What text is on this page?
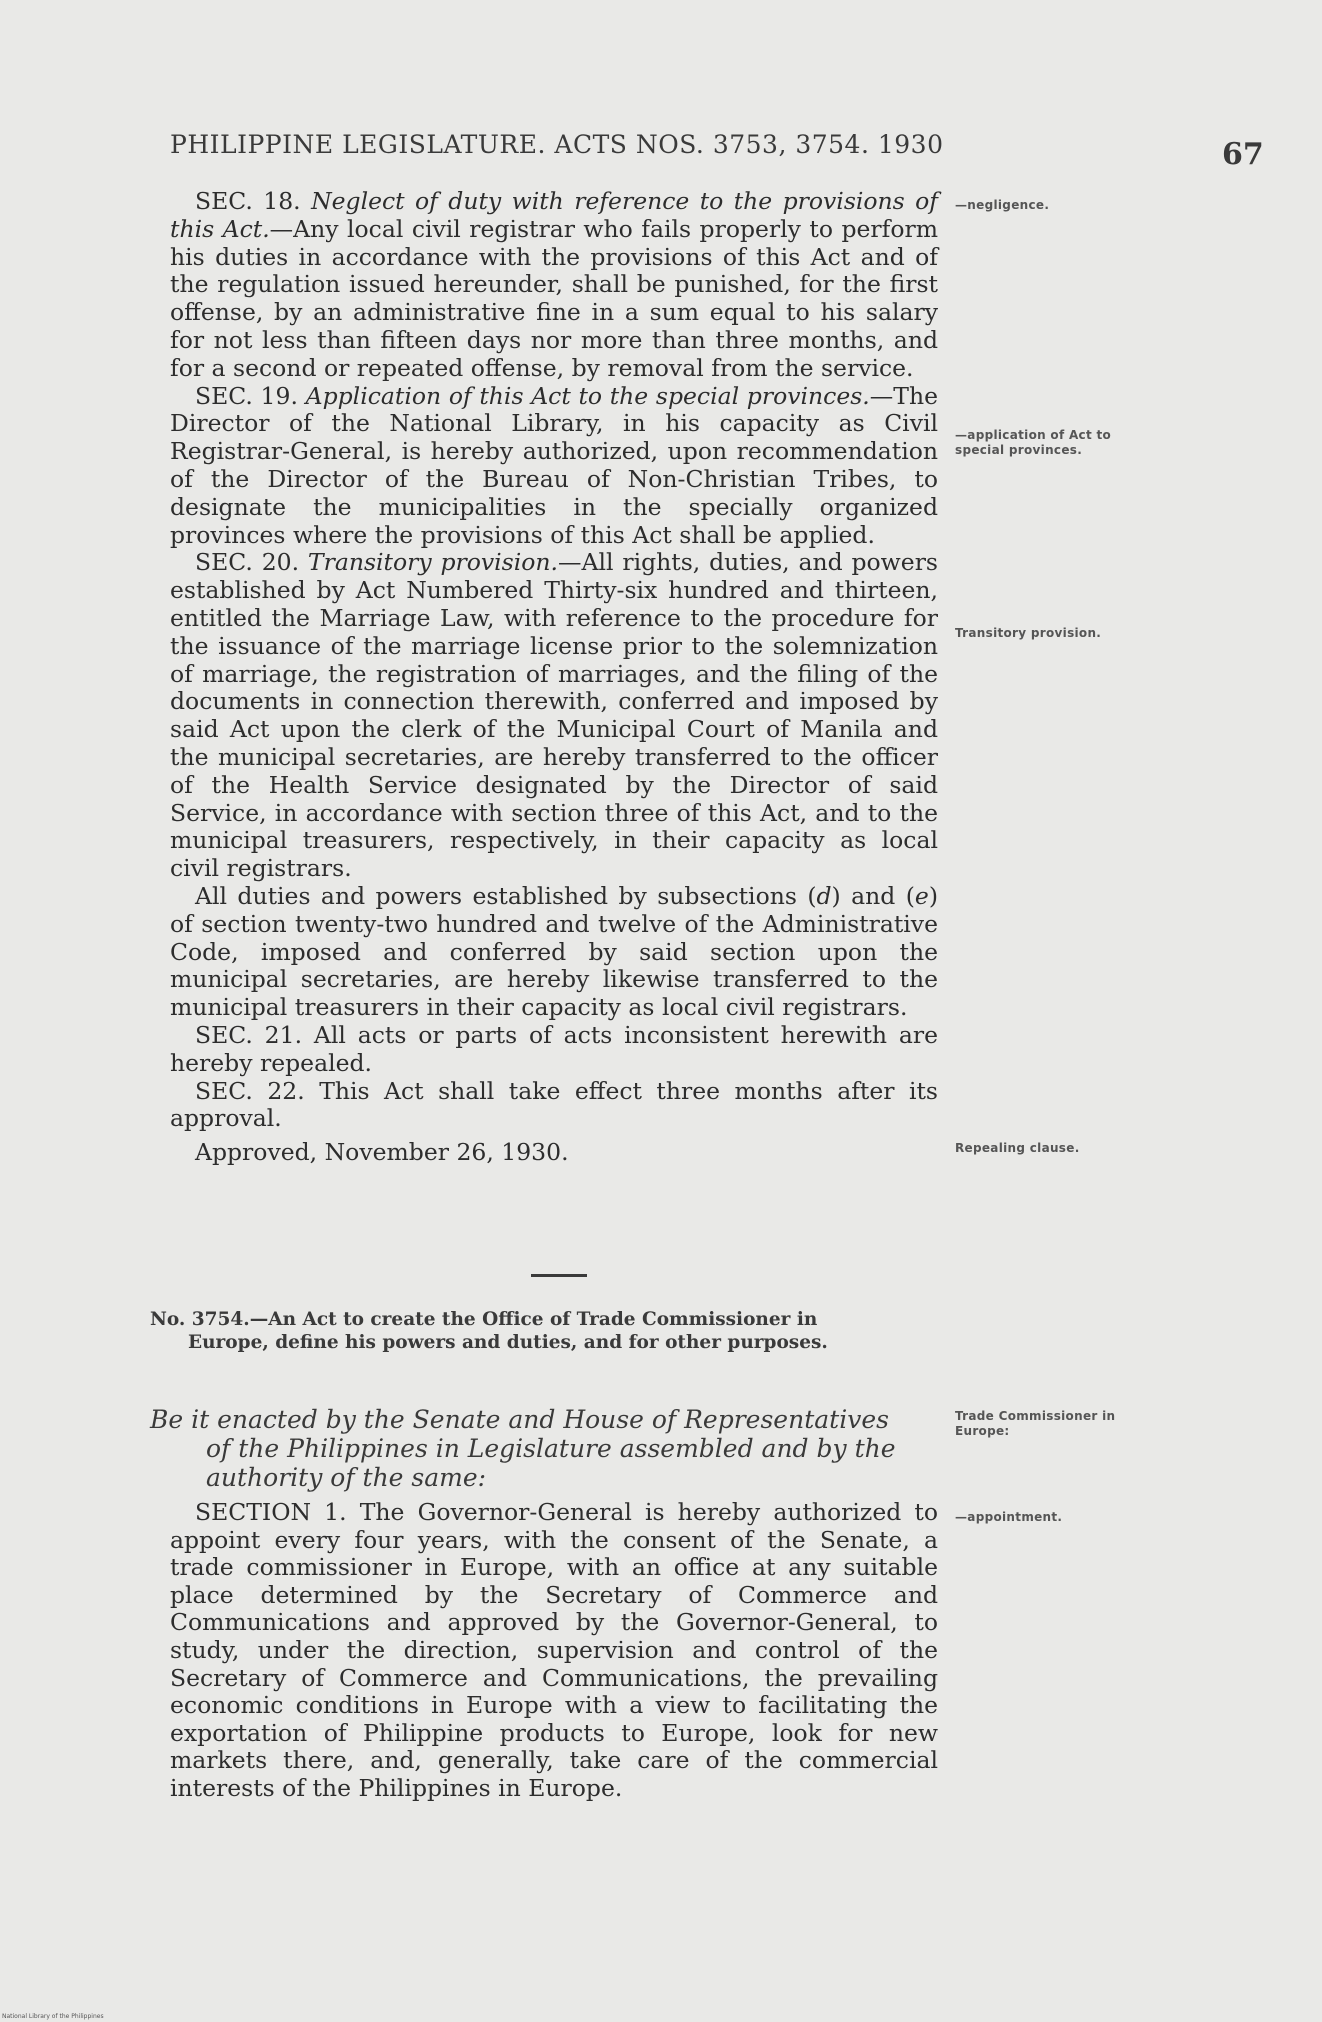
PHILIPPINE LEGISLATURE. ACTS NOS. 3753, 3754. 1930	67

SEC. 18. Neglect of duty with reference to the provisions of this Act.—Any local civil registrar who fails properly to perform his duties in accordance with the provisions of this Act and of the regulation issued hereunder, shall be punished, for the first offense, by an administrative fine in a sum equal to his salary for not less than fifteen days nor more than three months, and for a second or repeated offense, by removal from the service.

SEC. 19. Application of this Act to the special provinces.—The Director of the National Library, in his capacity as Civil Registrar-General, is hereby authorized, upon recommendation of the Director of the Bureau of Non-Christian Tribes, to designate the municipalities in the specially organized provinces where the provisions of this Act shall be applied.

SEC. 20. Transitory provision.—All rights, duties, and powers established by Act Numbered Thirty-six hundred and thirteen, entitled the Marriage Law, with reference to the procedure for the issuance of the marriage license prior to the solemnization of marriage, the registration of marriages, and the filing of the documents in connection therewith, conferred and imposed by said Act upon the clerk of the Municipal Court of Manila and the municipal secretaries, are hereby transferred to the officer of the Health Service designated by the Director of said Service, in accordance with section three of this Act, and to the municipal treasurers, respectively, in their capacity as local civil registrars.

All duties and powers established by subsections (d) and (e) of section twenty-two hundred and twelve of the Administrative Code, imposed and conferred by said section upon the municipal secretaries, are hereby likewise transferred to the municipal treasurers in their capacity as local civil registrars.

SEC. 21. All acts or parts of acts inconsistent herewith are hereby repealed.

SEC. 22. This Act shall take effect three months after its approval.

Approved, November 26, 1930.

No. 3754.—An Act to create the Office of Trade Commissioner in
Europe, define his powers and duties, and for other purposes.
Be it enacted by the Senate and House of Representatives
of the Philippines in Legislature assembled and by the
authority of the same:

SECTION 1. The Governor-General is hereby authorized to appoint every four years, with the consent of the Senate, a trade commissioner in Europe, with an office at any suitable place determined by the Secretary of Commerce and Communications and approved by the Governor-General, to study, under the direction, supervision and control of the Secretary of Commerce and Communications, the prevailing economic conditions in Europe with a view to facilitating the exportation of Philippine products to Europe, look for new markets there, and, generally, take care of the commercial interests of the Philippines in Europe.

—negligence.
—application of Act to special provinces.
Transitory provision.
Repealing clause.
Trade Commissioner in Europe:
—appointment.
National Library of the Philippines
